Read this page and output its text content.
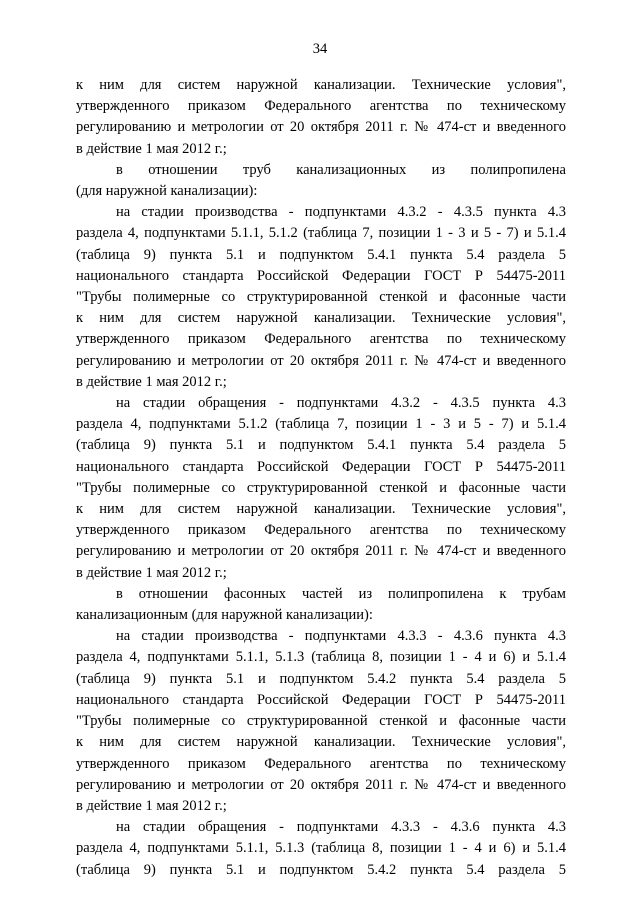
34
к ним для систем наружной канализации. Технические условия",
утвержденного приказом Федерального агентства по техническому
регулированию и метрологии от 20 октября 2011 г. № 474-ст и введенного
в действие 1 мая 2012 г.;
в отношении труб канализационных из полипропилена
(для наружной канализации):
на стадии производства - подпунктами 4.3.2 - 4.3.5 пункта 4.3
раздела 4, подпунктами 5.1.1, 5.1.2 (таблица 7, позиции 1 - 3 и 5 - 7) и 5.1.4
(таблица 9) пункта 5.1 и подпунктом 5.4.1 пункта 5.4 раздела 5
национального стандарта Российской Федерации ГОСТ Р 54475-2011
"Трубы полимерные со структурированной стенкой и фасонные части
к ним для систем наружной канализации. Технические условия",
утвержденного приказом Федерального агентства по техническому
регулированию и метрологии от 20 октября 2011 г. № 474-ст и введенного
в действие 1 мая 2012 г.;
на стадии обращения - подпунктами 4.3.2 - 4.3.5 пункта 4.3
раздела 4, подпунктами 5.1.2 (таблица 7, позиции 1 - 3 и 5 - 7) и 5.1.4
(таблица 9) пункта 5.1 и подпунктом 5.4.1 пункта 5.4 раздела 5
национального стандарта Российской Федерации ГОСТ Р 54475-2011
"Трубы полимерные со структурированной стенкой и фасонные части
к ним для систем наружной канализации. Технические условия",
утвержденного приказом Федерального агентства по техническому
регулированию и метрологии от 20 октября 2011 г. № 474-ст и введенного
в действие 1 мая 2012 г.;
в отношении фасонных частей из полипропилена к трубам
канализационным (для наружной канализации):
на стадии производства - подпунктами 4.3.3 - 4.3.6 пункта 4.3
раздела 4, подпунктами 5.1.1, 5.1.3 (таблица 8, позиции 1 - 4 и 6) и 5.1.4
(таблица 9) пункта 5.1 и подпунктом 5.4.2 пункта 5.4 раздела 5
национального стандарта Российской Федерации ГОСТ Р 54475-2011
"Трубы полимерные со структурированной стенкой и фасонные части
к ним для систем наружной канализации. Технические условия",
утвержденного приказом Федерального агентства по техническому
регулированию и метрологии от 20 октября 2011 г. № 474-ст и введенного
в действие 1 мая 2012 г.;
на стадии обращения - подпунктами 4.3.3 - 4.3.6 пункта 4.3
раздела 4, подпунктами 5.1.1, 5.1.3 (таблица 8, позиции 1 - 4 и 6) и 5.1.4
(таблица 9) пункта 5.1 и подпунктом 5.4.2 пункта 5.4 раздела 5
